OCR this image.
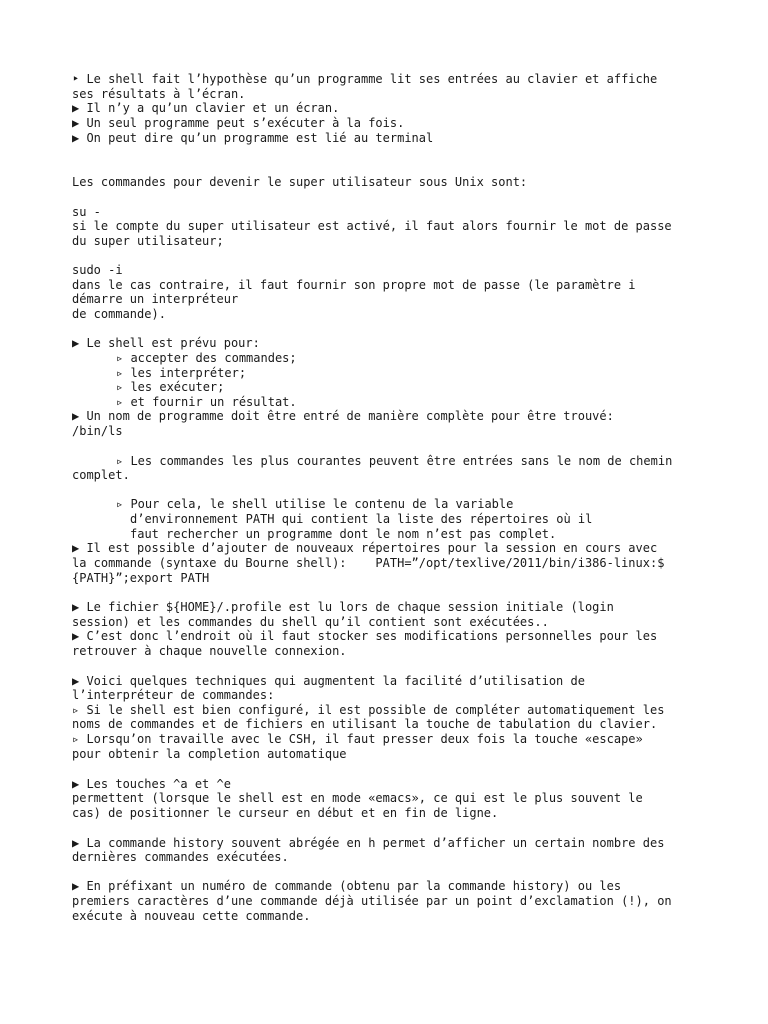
‣ Le shell fait l’hypothèse qu’un programme lit ses entrées au clavier et affiche
ses résultats à l’écran.
▶ Il n’y a qu’un clavier et un écran.
▶ Un seul programme peut s’exécuter à la fois.
▶ On peut dire qu’un programme est lié au terminal
Les commandes pour devenir le super utilisateur sous Unix sont:
su -
si le compte du super utilisateur est activé, il faut alors fournir le mot de passe
du super utilisateur;
sudo -i
dans le cas contraire, il faut fournir son propre mot de passe (le paramètre i
démarre un interpréteur
de commande).
▶ Le shell est prévu pour:
▹ accepter des commandes;
▹ les interpréter;
▹ les exécuter;
▹ et fournir un résultat.
▶ Un nom de programme doit être entré de manière complète pour être trouvé:
/bin/ls
▹ Les commandes les plus courantes peuvent être entrées sans le nom de chemin
complet.
▹ Pour cela, le shell utilise le contenu de la variable
d’environnement PATH qui contient la liste des répertoires où il
faut rechercher un programme dont le nom n’est pas complet.
▶ Il est possible d’ajouter de nouveaux répertoires pour la session en cours avec
la commande (syntaxe du Bourne shell):    PATH=”/opt/texlive/2011/bin/i386-linux:$
{PATH}”;export PATH
▶ Le fichier ${HOME}/.profile est lu lors de chaque session initiale (login
session) et les commandes du shell qu’il contient sont exécutées..
▶ C’est donc l’endroit où il faut stocker ses modifications personnelles pour les
retrouver à chaque nouvelle connexion.
▶ Voici quelques techniques qui augmentent la facilité d’utilisation de
l’interpréteur de commandes:
▹ Si le shell est bien configuré, il est possible de compléter automatiquement les
noms de commandes et de fichiers en utilisant la touche de tabulation du clavier.
▹ Lorsqu’on travaille avec le CSH, il faut presser deux fois la touche «escape»
pour obtenir la completion automatique
▶ Les touches ^a et ^e
permettent (lorsque le shell est en mode «emacs», ce qui est le plus souvent le
cas) de positionner le curseur en début et en fin de ligne.
▶ La commande history souvent abrégée en h permet d’afficher un certain nombre des
dernières commandes exécutées.
▶ En préfixant un numéro de commande (obtenu par la commande history) ou les
premiers caractères d’une commande déjà utilisée par un point d’exclamation (!), on
exécute à nouveau cette commande.
